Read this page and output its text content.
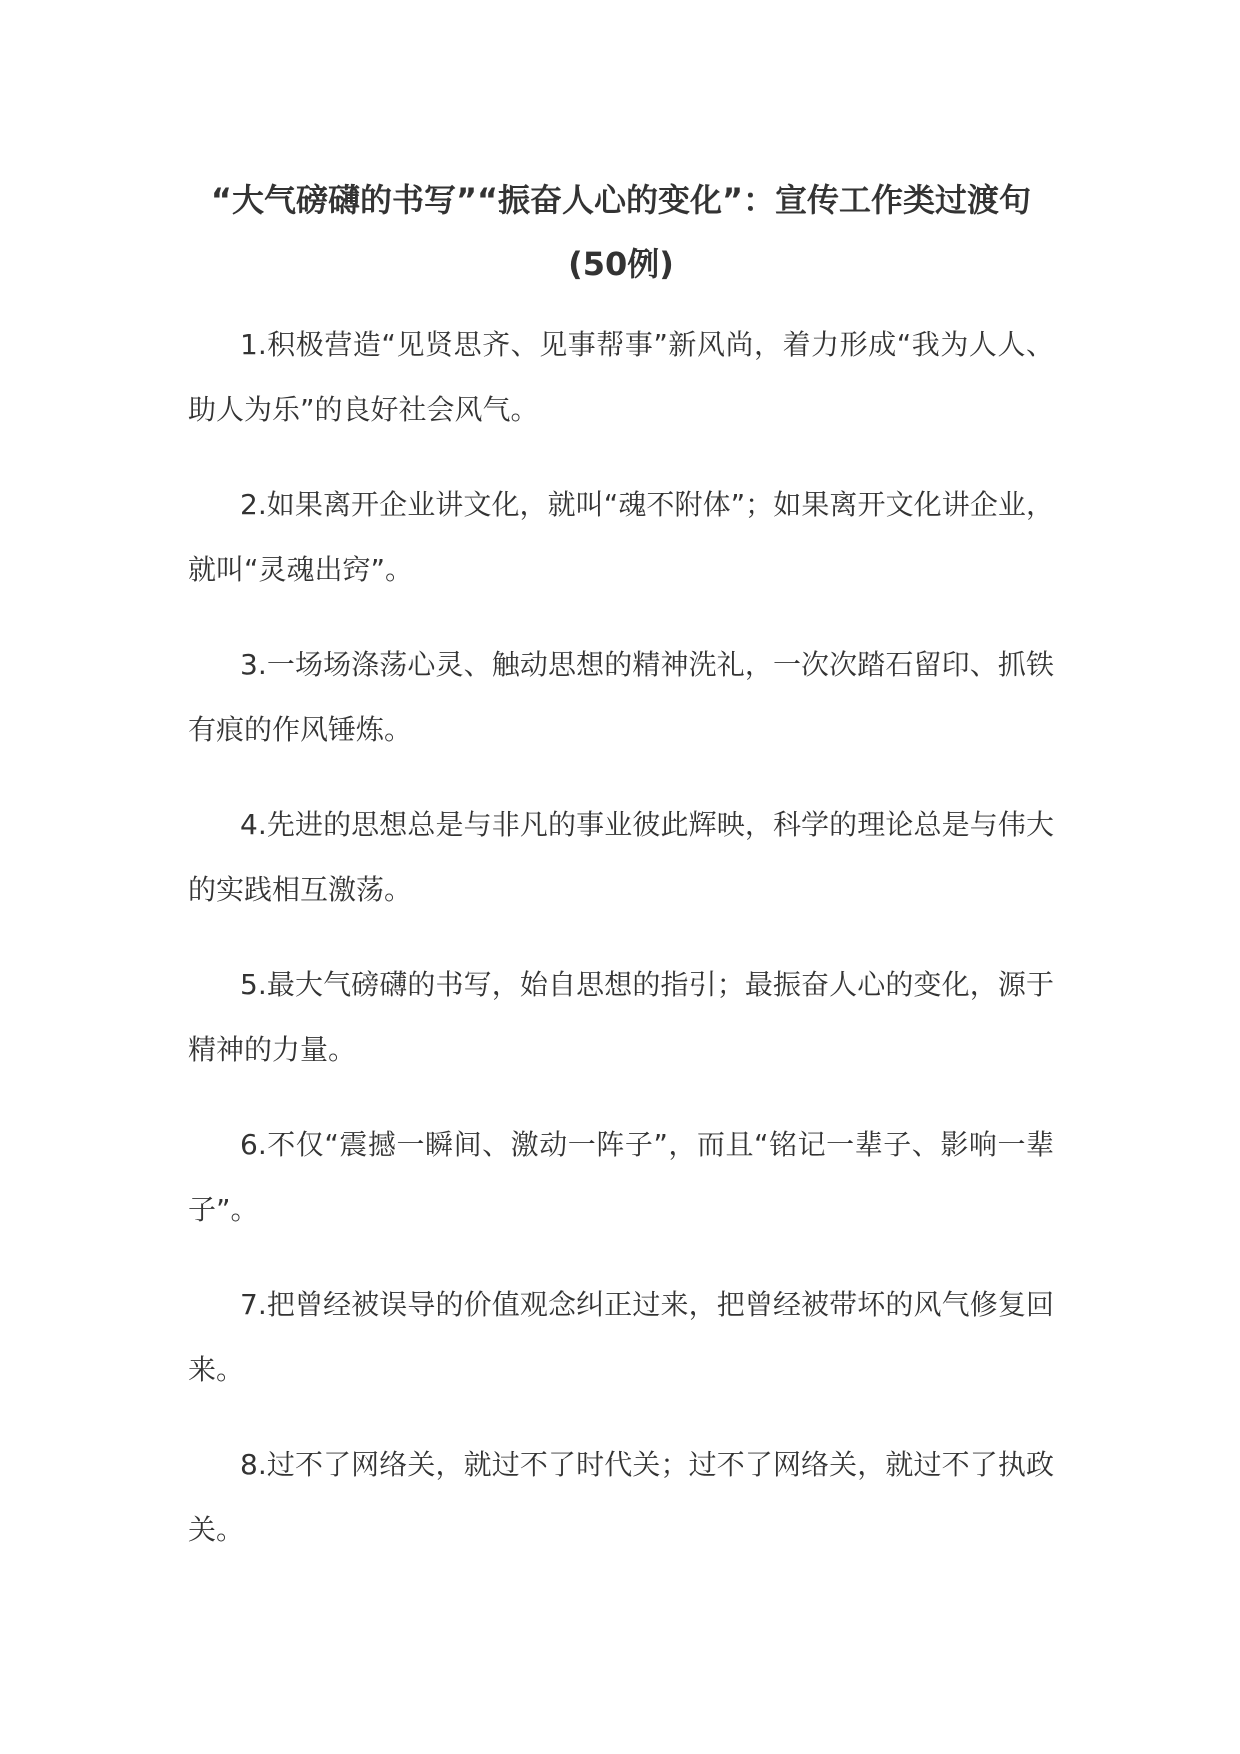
“大气磅礴的书写”“振奋人心的变化”：宣传工作类过渡句(50例)

1.积极营造“见贤思齐、见事帮事”新风尚，着力形成“我为人人、助人为乐”的良好社会风气。

2.如果离开企业讲文化，就叫“魂不附体”；如果离开文化讲企业，就叫“灵魂出窍”。

3.一场场涤荡心灵、触动思想的精神洗礼，一次次踏石留印、抓铁有痕的作风锤炼。

4.先进的思想总是与非凡的事业彼此辉映，科学的理论总是与伟大的实践相互激荡。

5.最大气磅礴的书写，始自思想的指引；最振奋人心的变化，源于精神的力量。

6.不仅“震撼一瞬间、激动一阵子”，而且“铭记一辈子、影响一辈子”。

7.把曾经被误导的价值观念纠正过来，把曾经被带坏的风气修复回来。

8.过不了网络关，就过不了时代关；过不了网络关，就过不了执政关。
